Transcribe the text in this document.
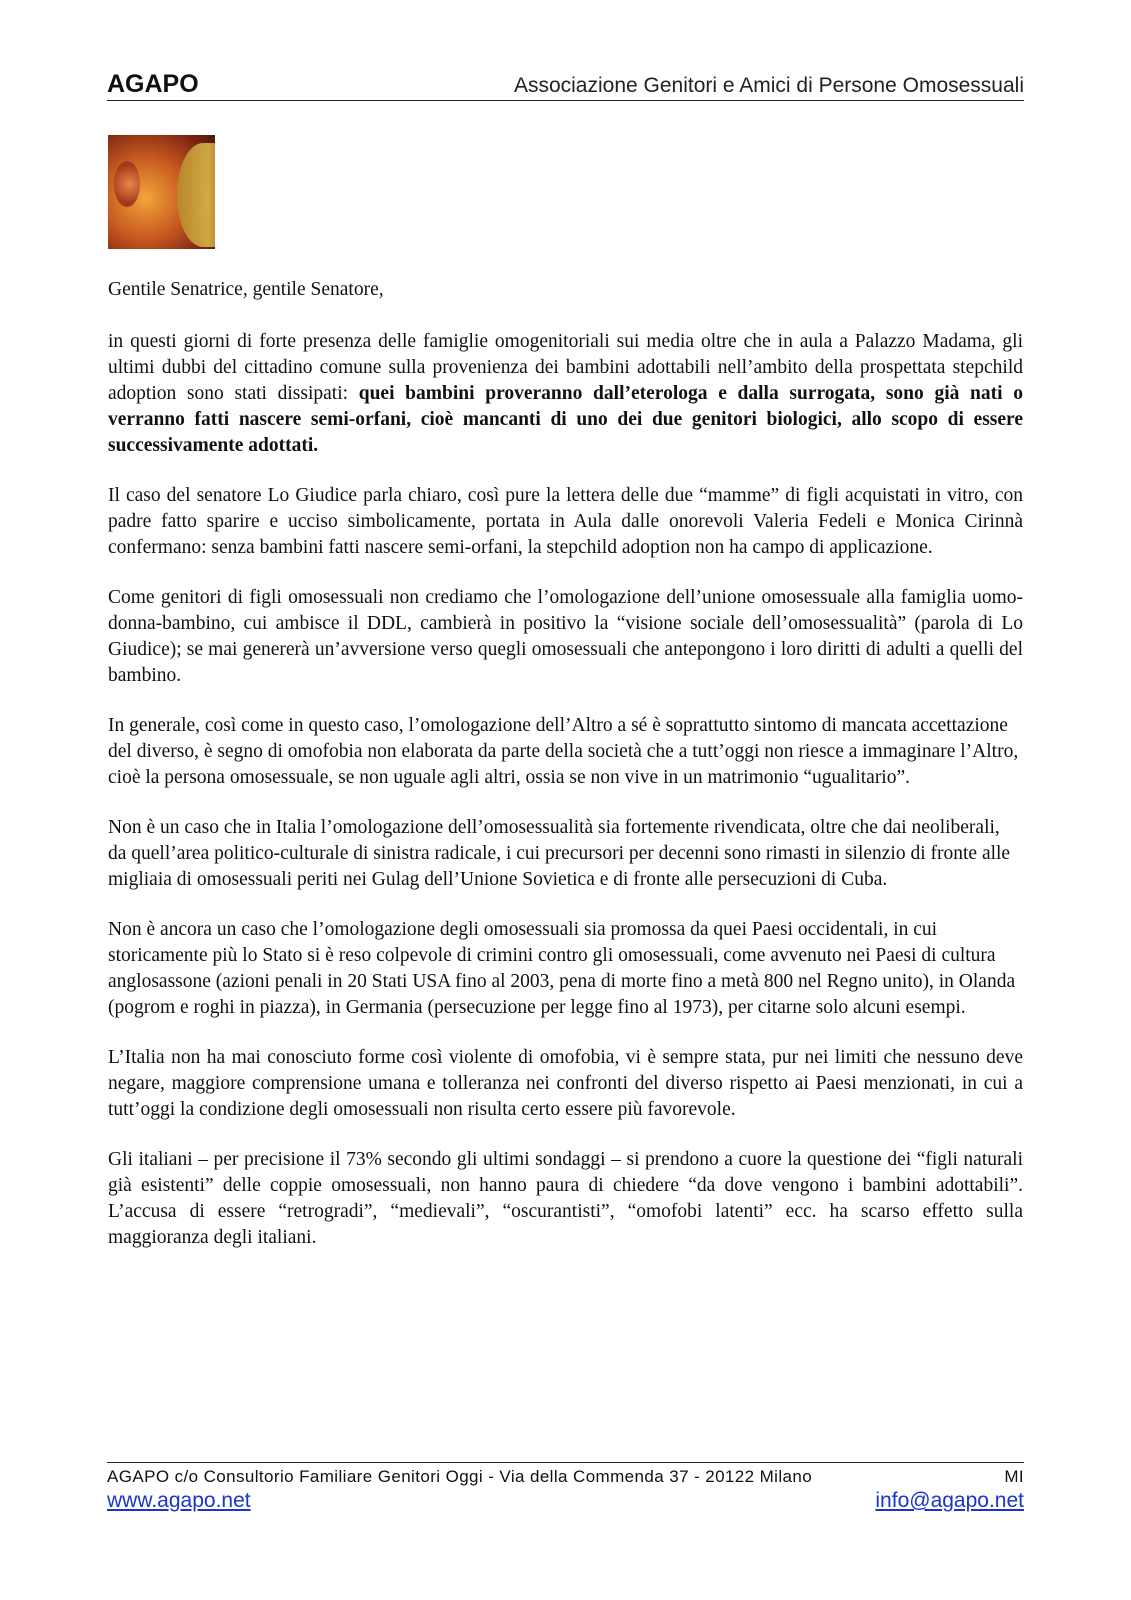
AGAPO	Associazione Genitori e Amici di Persone Omosessuali

Gentile Senatrice, gentile Senatore,

in questi giorni di forte presenza delle famiglie omogenitoriali sui media oltre che in aula a Palazzo Madama, gli ultimi dubbi del cittadino comune sulla provenienza dei bambini adottabili nell’ambito della prospettata stepchild adoption sono stati dissipati: quei bambini proveranno dall’eterologa e dalla surrogata, sono già nati o verranno fatti nascere semi-orfani, cioè mancanti di uno dei due genitori biologici, allo scopo di essere successivamente adottati.

Il caso del senatore Lo Giudice parla chiaro, così pure la lettera delle due “mamme” di figli acquistati in vitro, con padre fatto sparire e ucciso simbolicamente, portata in Aula dalle onorevoli Valeria Fedeli e Monica Cirinnà confermano: senza bambini fatti nascere semi-orfani, la stepchild adoption non ha campo di applicazione.

Come genitori di figli omosessuali non crediamo che l’omologazione dell’unione omosessuale alla famiglia uomo-donna-bambino, cui ambisce il DDL, cambierà in positivo la “visione sociale dell’omosessualità” (parola di Lo Giudice); se mai genererà un’avversione verso quegli omosessuali che antepongono i loro diritti di adulti a quelli del bambino.

In generale, così come in questo caso, l’omologazione dell’Altro a sé è soprattutto sintomo di mancata accettazione del diverso, è segno di omofobia non elaborata da parte della società che a tutt’oggi non riesce a immaginare l’Altro, cioè la persona omosessuale, se non uguale agli altri, ossia se non vive in un matrimonio “ugualitario”.

Non è un caso che in Italia l’omologazione dell’omosessualità sia fortemente rivendicata, oltre che dai neoliberali, da quell’area politico-culturale di sinistra radicale, i cui precursori per decenni sono rimasti in silenzio di fronte alle migliaia di omosessuali periti nei Gulag dell’Unione Sovietica e di fronte alle persecuzioni di Cuba.

Non è ancora un caso che l’omologazione degli omosessuali sia promossa da quei Paesi occidentali, in cui storicamente più lo Stato si è reso colpevole di crimini contro gli omosessuali, come avvenuto nei Paesi di cultura anglosassone (azioni penali in 20 Stati USA fino al 2003, pena di morte fino a metà 800 nel Regno unito), in Olanda (pogrom e roghi in piazza), in Germania (persecuzione per legge fino al 1973), per citarne solo alcuni esempi.

L’Italia non ha mai conosciuto forme così violente di omofobia, vi è sempre stata, pur nei limiti che nessuno deve negare, maggiore comprensione umana e tolleranza nei confronti del diverso rispetto ai Paesi menzionati, in cui a tutt’oggi la condizione degli omosessuali non risulta certo essere più favorevole.

Gli italiani – per precisione il 73% secondo gli ultimi sondaggi – si prendono a cuore la questione dei “figli naturali già esistenti” delle coppie omosessuali, non hanno paura di chiedere “da dove vengono i bambini adottabili”. L’accusa di essere “retrogradi”, “medievali”, “oscurantisti”, “omofobi latenti” ecc. ha scarso effetto sulla maggioranza degli italiani.

AGAPO c/o Consultorio Familiare Genitori Oggi - Via della Commenda 37 - 20122 Milano	MI
www.agapo.net	info@agapo.net
